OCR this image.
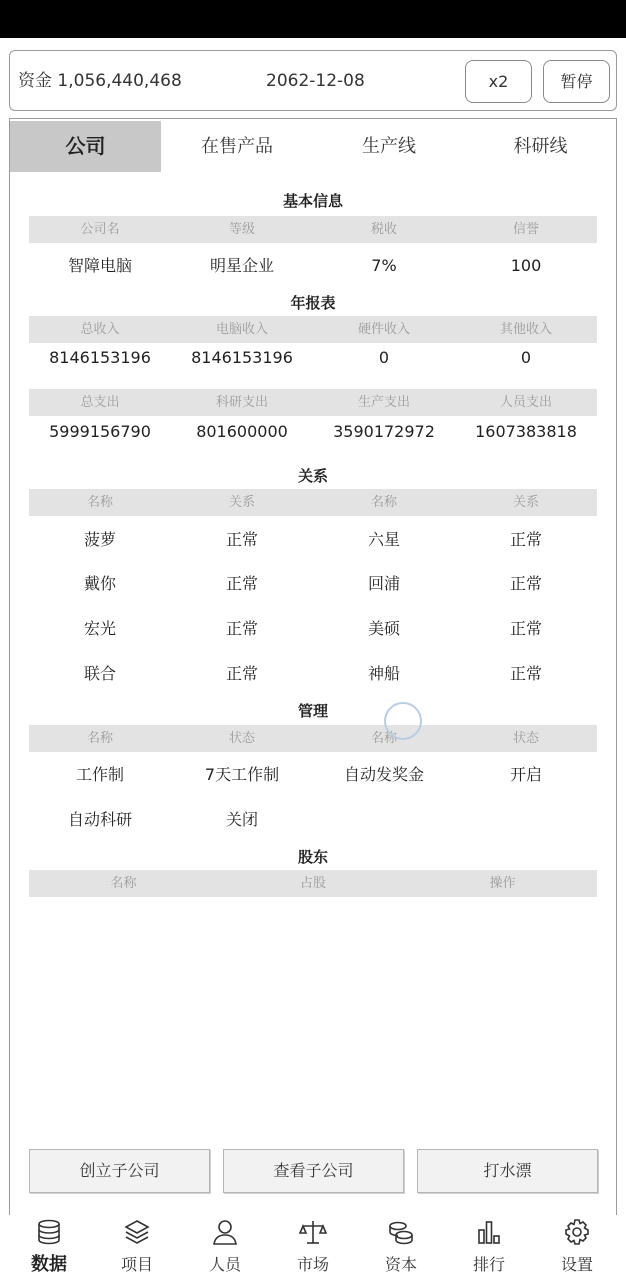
资金 1,056,440,468	2062-12-08	x2	暂停
公司	在售产品	生产线	科研线
基本信息
公司名	等级	税收	信誉
智障电脑	明星企业	7%	100
年报表
总收入	电脑收入	硬件收入	其他收入
8146153196	8146153196	0	0
总支出	科研支出	生产支出	人员支出
5999156790	801600000	3590172972	1607383818
关系
名称	关系	名称	关系
菠萝	正常	六星	正常
戴你	正常	回浦	正常
宏光	正常	美硕	正常
联合	正常	神船	正常
管理
名称	状态	名称	状态
工作制	7天工作制	自动发奖金	开启
自动科研	关闭
股东
名称	占股	操作
创立子公司	查看子公司	打水漂
数据	项目	人员	市场	资本	排行	设置
